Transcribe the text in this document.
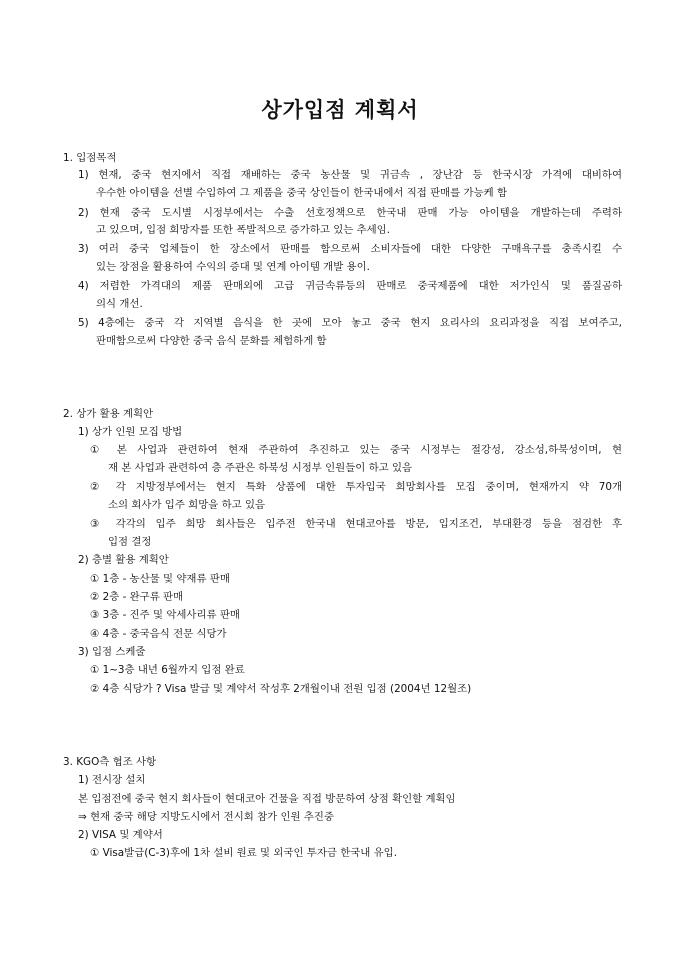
상가입점 계획서
1. 입점목적
1) 현재, 중국 현지에서 직접 재배하는 중국 농산물 및 귀금속 , 장난감 등 한국시장 가격에 대비하여
우수한 아이템을 선별 수입하여 그 제품을 중국 상인들이 한국내에서 직접 판매를 가능케 함
2) 현재 중국 도시별 시정부에서는 수출 선호정책으로 한국내 판매 가능 아이템을 개발하는데 주력하
고 있으며, 입점 희망자를 또한 폭발적으로 증가하고 있는 추세임.
3) 여러 중국 업체들이 한 장소에서 판매를 함으로써 소비자들에 대한 다양한 구매욕구를 충족시킬 수
있는 장점을 활용하여 수익의 증대 및 연계 아이템 개발 용이.
4) 저렴한 가격대의 제품 판매외에 고급 귀금속류등의 판매로 중국제품에 대한 저가인식 및 품질곰하
의식 개선.
5) 4층에는 중국 각 지역별 음식을 한 곳에 모아 놓고 중국 현지 요리사의 요리과정을 직접 보여주고,
판매함으로써 다양한 중국 음식 문화를 체험하게 함
2. 상가 활용 계획안
1) 상가 인원 모집 방법
① 본 사업과 관련하여 현재 주관하여 추진하고 있는 중국 시정부는 절강성, 강소성,하북성이며, 현
재 본 사업과 관련하여 층 주관은 하북성 시정부 인원들이 하고 있음
② 각 지방정부에서는 현지 특화 상품에 대한 투자입국 희망회사를 모집 중이며, 현재까지 약 70개
소의 회사가 입주 희망을 하고 있음
③ 각각의 입주 희망 회사들은 입주전 한국내 현대코아를 방문, 입지조건, 부대환경 등을 점검한 후
입점 결정
2) 층별 활용 계획안
① 1층 - 농산물 및 약재류 판매
② 2층 - 완구류 판매
③ 3층 - 진주 및 악세사리류 판매
④ 4층 - 중국음식 전문 식당가
3) 입점 스케줄
① 1~3층 내년 6월까지 입점 완료
② 4층 식당가 ? Visa 발급 및 계약서 작성후 2개월이내 전원 입점 (2004년 12월조)
3. KGO측 협조 사항
1) 전시장 설치
본 입점전에 중국 현지 회사들이 현대코아 건물을 직접 방문하여 상점 확인할 계획임
⇒ 현재 중국 해당 지방도시에서 전시회 참가 인원 추진중
2) VISA 및 계약서
① Visa발급(C-3)후에 1차 설비 원료 및 외국인 투자금 한국내 유입.
